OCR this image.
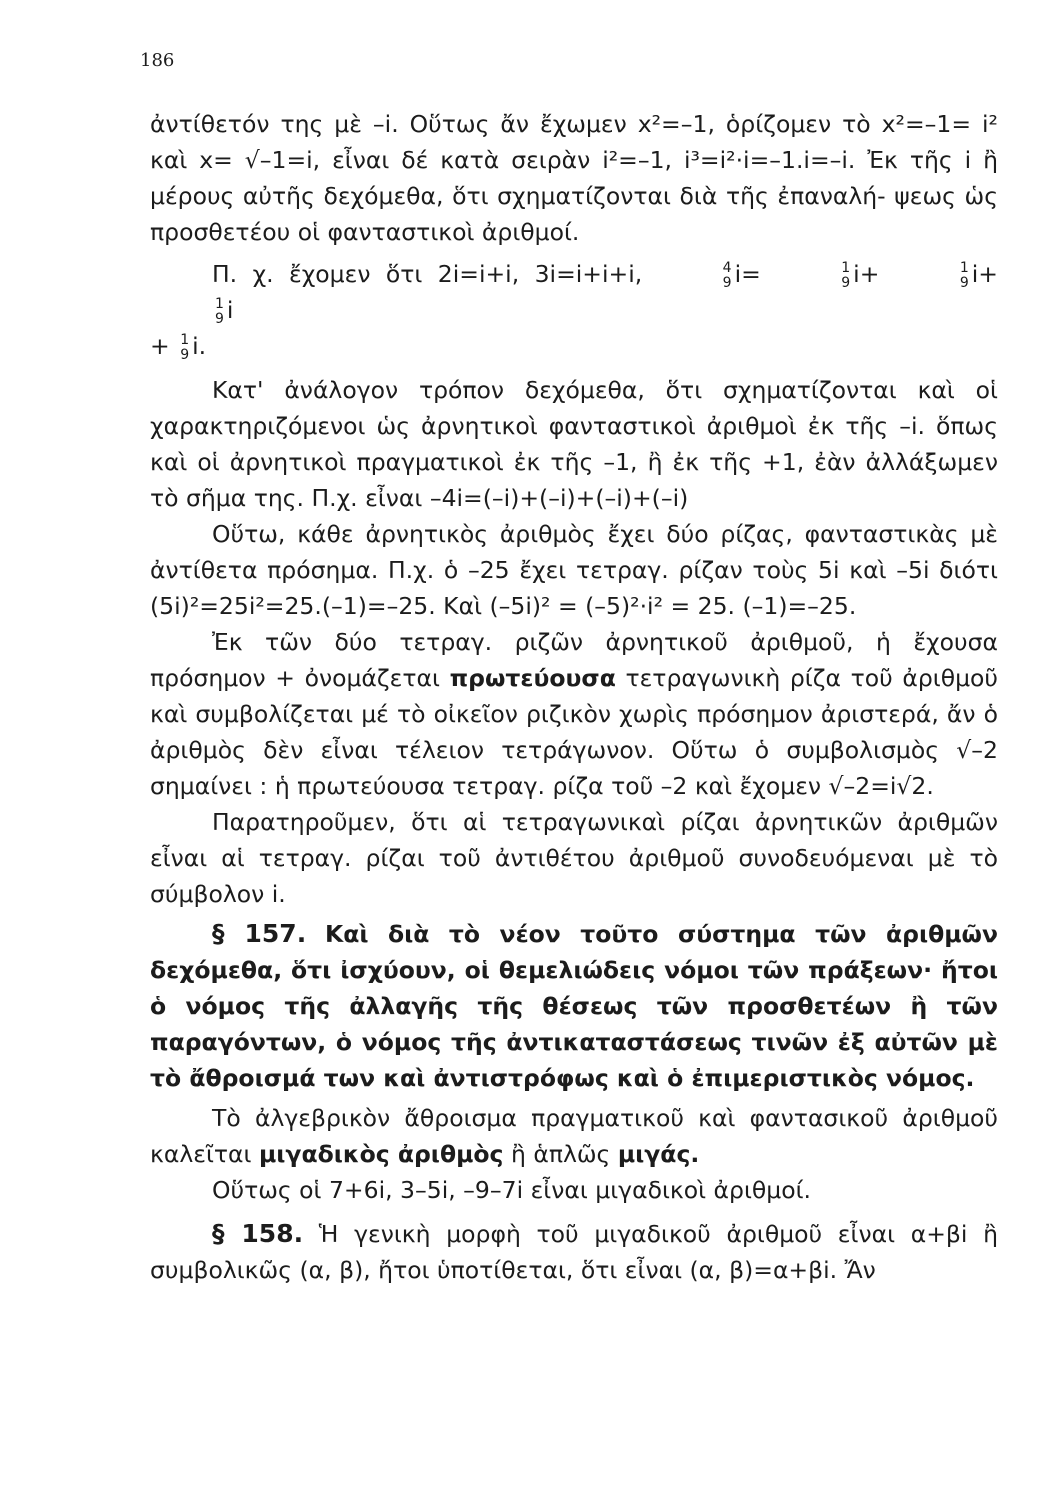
186

ἀντίθετόν της μὲ –i. Οὕτως ἄν ἔχωμεν x²=–1, ὁρίζομεν τὸ x²=–1= i² καὶ x= √–1=i, εἶναι δέ κατὰ σειρὰν i²=–1, i³=i²·i=–1.i=–i. Ἐκ τῆς i ἢ μέρους αὐτῆς δεχόμεθα, ὅτι σχηματίζονται διὰ τῆς ἐπαναλή- ψεως ὡς προσθετέου οἱ φανταστικοὶ ἀριθμοί.

Π. χ. ἔχομεν ὅτι 2i=i+i, 3i=i+i+i,	4
9 i=	1
9 i+	1
9 i+
1
9 i

+ 1
9 i.

Κατ' ἀνάλογον τρόπον δεχόμεθα, ὅτι σχηματίζονται καὶ οἱ χαρακτηριζόμενοι ὡς ἀρνητικοὶ φανταστικοὶ ἀριθμοὶ ἐκ τῆς –i. ὅπως καὶ οἱ ἀρνητικοὶ πραγματικοὶ ἐκ τῆς –1, ἢ ἐκ τῆς +1, ἐὰν ἀλλάξωμεν τὸ σῆμα της. Π.χ. εἶναι –4i=(–i)+(–i)+(–i)+(–i)

Οὕτω, κάθε ἀρνητικὸς ἀριθμὸς ἔχει δύο ρίζας, φανταστικὰς μὲ ἀντίθετα πρόσημα. Π.χ. ὁ –25 ἔχει τετραγ. ρίζαν τοὺς 5i καὶ –5i διότι (5i)²=25i²=25.(–1)=–25. Καὶ (–5i)² = (–5)²·i² = 25. (–1)=–25.

Ἐκ τῶν δύο τετραγ. ριζῶν ἀρνητικοῦ ἀριθμοῦ, ἡ ἔχουσα πρόσημον + ὀνομάζεται πρωτεύουσα τετραγωνικὴ ρίζα τοῦ ἀριθμοῦ καὶ συμβολίζεται μέ τὸ οἰκεῖον ριζικὸν χωρὶς πρόσημον ἀριστερά, ἄν ὁ ἀριθμὸς δὲν εἶναι τέλειον τετράγωνον. Οὕτω ὁ συμβολισμὸς √–2 σημαίνει : ἡ πρωτεύουσα τετραγ. ρίζα τοῦ –2 καὶ ἔχομεν √–2=i√2.

Παρατηροῦμεν, ὅτι αἱ τετραγωνικαὶ ρίζαι ἀρνητικῶν ἀριθμῶν εἶναι αἱ τετραγ. ρίζαι τοῦ ἀντιθέτου ἀριθμοῦ συνοδευόμεναι μὲ τὸ σύμβολον i.

§ 157. Καὶ διὰ τὸ νέον τοῦτο σύστημα τῶν ἀριθμῶν δεχόμεθα, ὅτι ἰσχύουν, οἱ θεμελιώδεις νόμοι τῶν πράξεων· ἤτοι ὁ νόμος τῆς ἀλλαγῆς τῆς θέσεως τῶν προσθετέων ἢ τῶν παραγόντων, ὁ νόμος τῆς ἀντικαταστάσεως τινῶν ἐξ αὐτῶν μὲ τὸ ἄθροισμά των καὶ ἀντιστρόφως καὶ ὁ ἐπιμεριστικὸς νόμος.

Τὸ ἀλγεβρικὸν ἄθροισμα πραγματικοῦ καὶ φαντασικοῦ ἀριθμοῦ καλεῖται μιγαδικὸς ἀριθμὸς ἢ ἁπλῶς μιγάς.

Οὕτως οἱ 7+6i, 3–5i, –9–7i εἶναι μιγαδικοὶ ἀριθμοί.

§ 158. Ἡ γενικὴ μορφὴ τοῦ μιγαδικοῦ ἀριθμοῦ εἶναι α+βi ἢ συμβολικῶς (α, β), ἤτοι ὑποτίθεται, ὅτι εἶναι (α, β)=α+βi. Ἄν
